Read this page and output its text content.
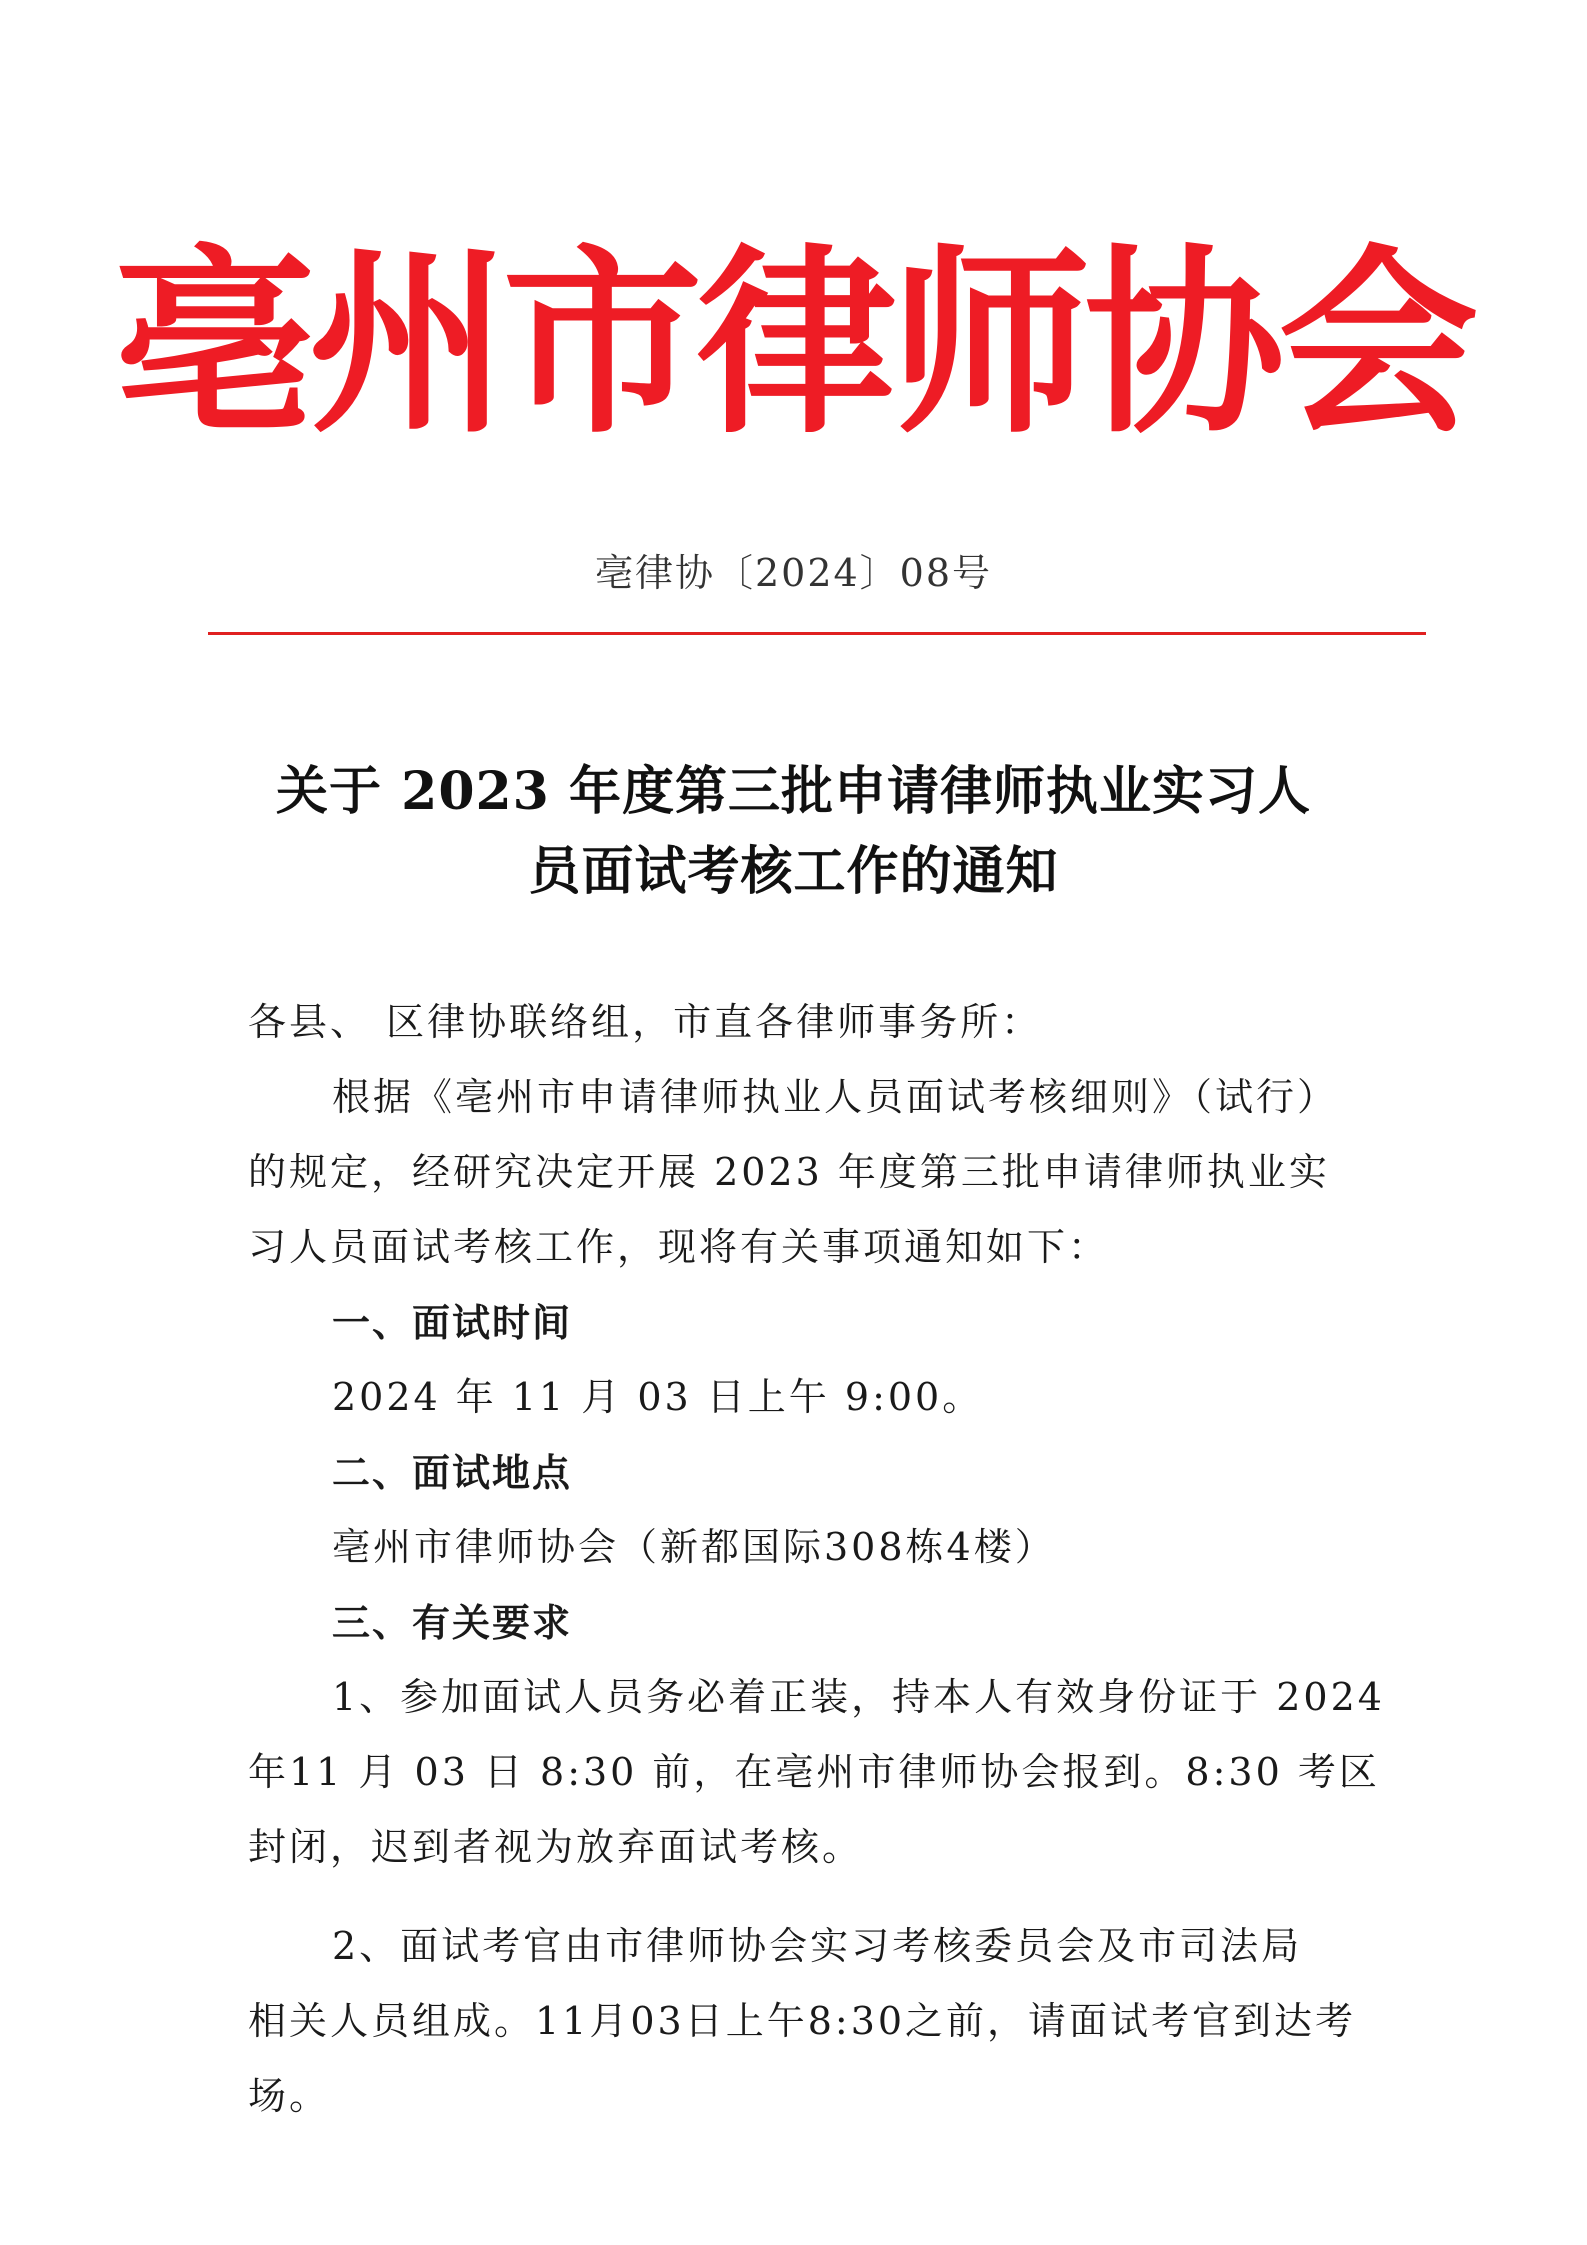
亳州市律师协会
亳律协〔2024〕08号
关于 2023 年度第三批申请律师执业实习人
员面试考核工作的通知

各县、 区律协联络组，市直各律师事务所：

根据《亳州市申请律师执业人员面试考核细则》（试行）

的规定，经研究决定开展 2023 年度第三批申请律师执业实

习人员面试考核工作，现将有关事项通知如下：

一、面试时间

2024 年 11 月 03 日上午 9:00。

二、面试地点

亳州市律师协会（新都国际308栋4楼）

三、有关要求

1、参加面试人员务必着正装，持本人有效身份证于 2024

年11 月 03 日 8:30 前，在亳州市律师协会报到。8:30 考区

封闭，迟到者视为放弃面试考核。

2、面试考官由市律师协会实习考核委员会及市司法局

相关人员组成。11月03日上午8:30之前，请面试考官到达考

场。
